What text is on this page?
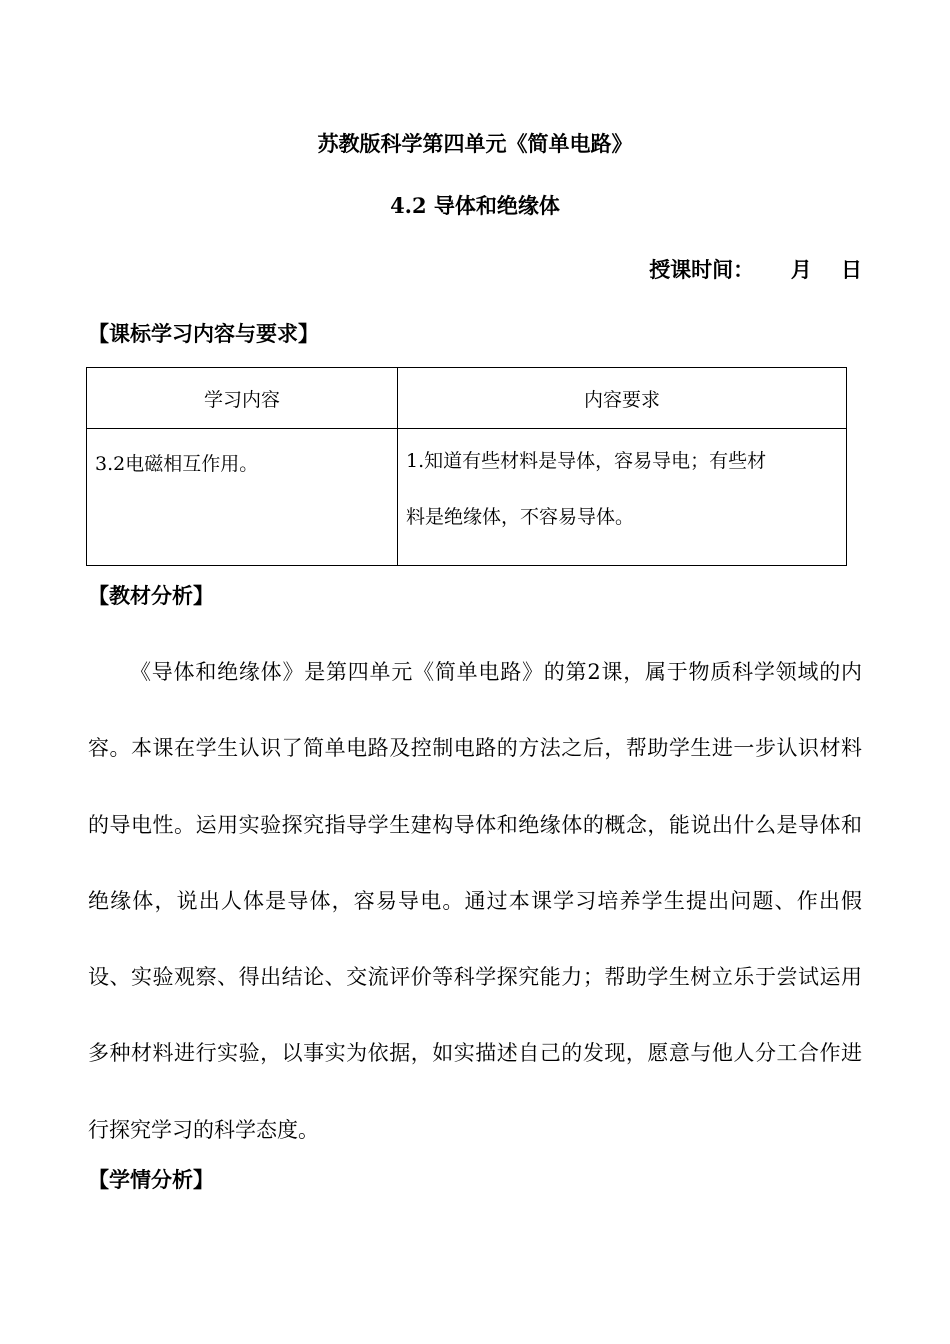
苏教版科学第四单元《简单电路》
4.2 导体和绝缘体
授课时间：     月    日
【课标学习内容与要求】
学习内容	内容要求

3.2电磁相互作用。	1.知道有些材料是导体，容易导电；有些材
料是绝缘体，不容易导体。
【教材分析】
《导体和绝缘体》是第四单元《简单电路》的第2课，属于物质科学领域的内容。本课在学生认识了简单电路及控制电路的方法之后，帮助学生进一步认识材料的导电性。运用实验探究指导学生建构导体和绝缘体的概念，能说出什么是导体和绝缘体，说出人体是导体，容易导电。通过本课学习培养学生提出问题、作出假设、实验观察、得出结论、交流评价等科学探究能力；帮助学生树立乐于尝试运用多种材料进行实验，以事实为依据，如实描述自己的发现，愿意与他人分工合作进行探究学习的科学态度。
【学情分析】
